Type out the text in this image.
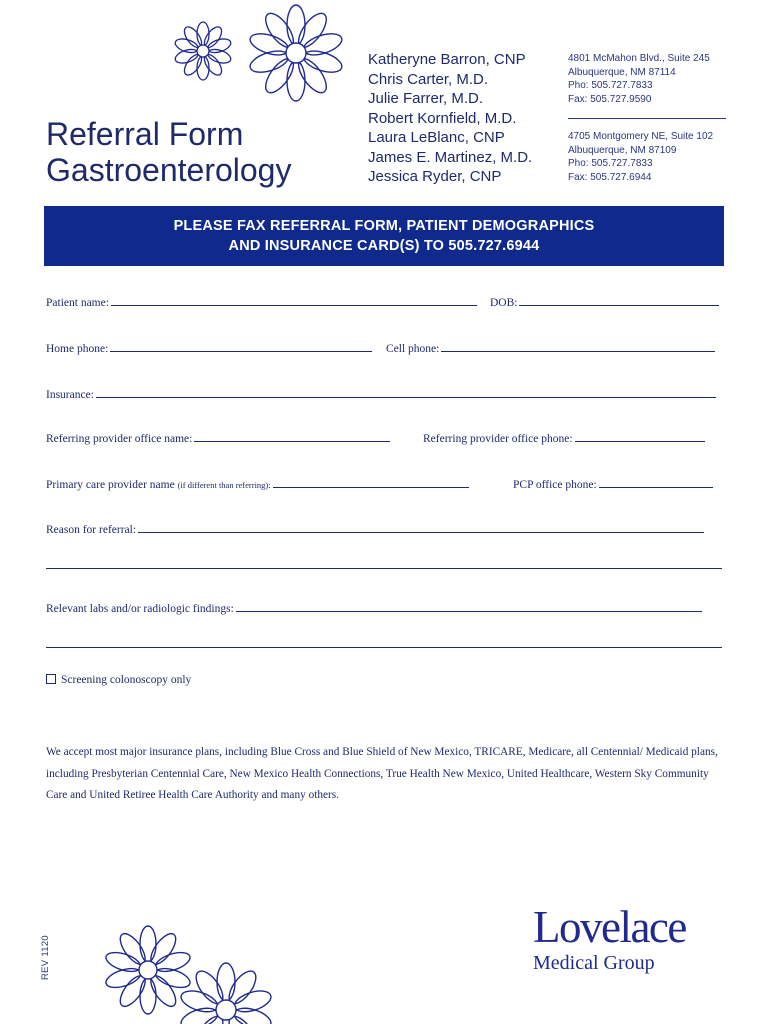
Referral Form
Gastroenterology
Katheryne Barron, CNP
Chris Carter, M.D.
Julie Farrer, M.D.
Robert Kornfield, M.D.
Laura LeBlanc, CNP
James E. Martinez, M.D.
Jessica Ryder, CNP
4801 McMahon Blvd., Suite 245
Albuquerque, NM 87114
Pho: 505.727.7833
Fax: 505.727.9590
4705 Montgomery NE, Suite 102
Albuquerque, NM 87109
Pho: 505.727.7833
Fax: 505.727.6944
PLEASE FAX REFERRAL FORM, PATIENT DEMOGRAPHICS
AND INSURANCE CARD(S) TO 505.727.6944
Patient name:	DOB:
Home phone:	Cell phone:
Insurance:
Referring provider office name:	Referring provider office phone:
Primary care provider name (if different than referring):	PCP office phone:
Reason for referral:
Relevant labs and/or radiologic findings:
Screening colonoscopy only
We accept most major insurance plans, including Blue Cross and Blue Shield of New Mexico, TRICARE, Medicare, all Centennial/ Medicaid plans, including Presbyterian Centennial Care, New Mexico Health Connections, True Health New Mexico, United Healthcare, Western Sky Community Care and United Retiree Health Care Authority and many others.
REV 1120
Lovelace
Medical Group
